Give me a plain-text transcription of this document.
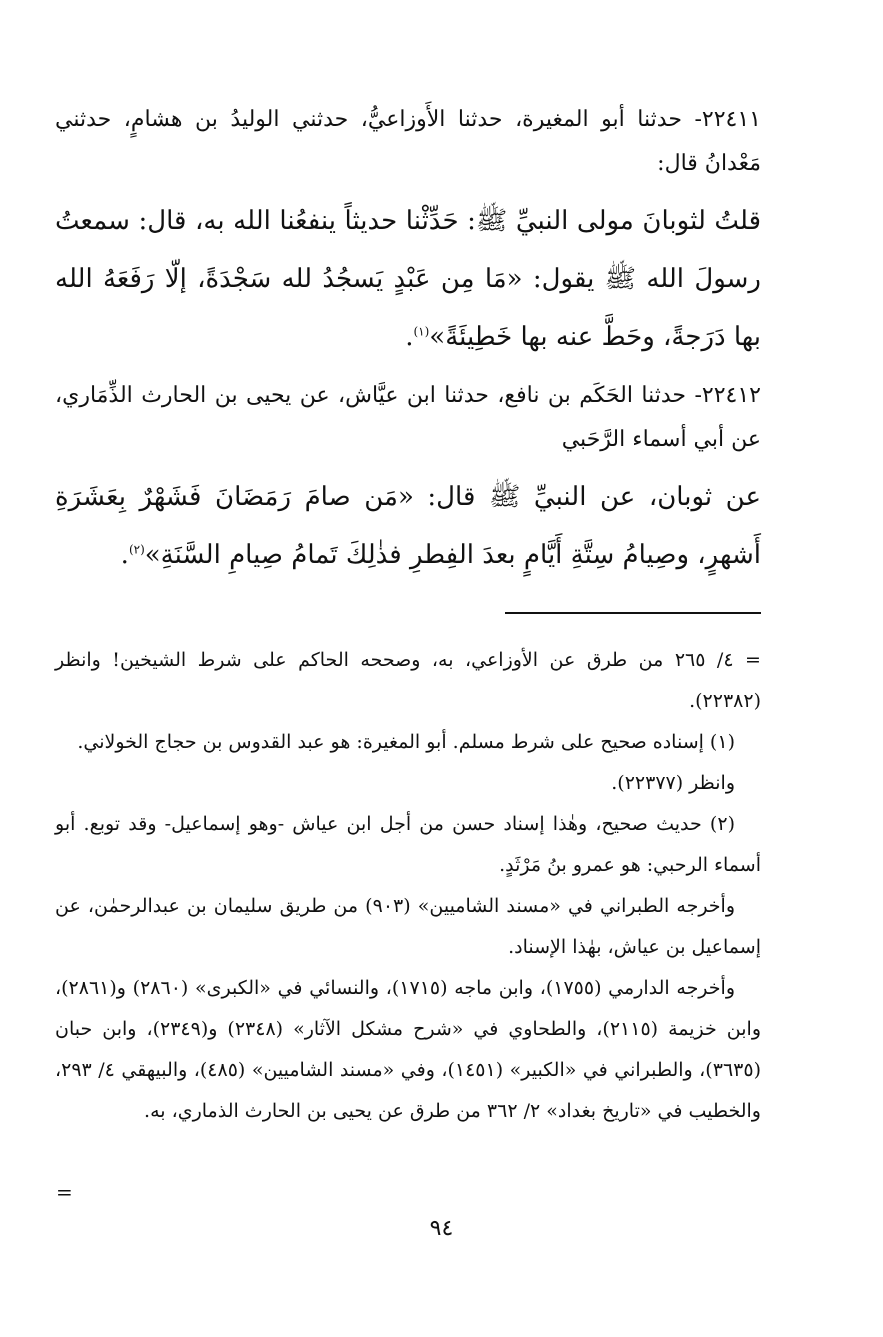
٢٢٤١١- حدثنا أبو المغيرة، حدثنا الأَوزاعيُّ، حدثني الوليدُ بن هشامٍ، حدثني مَعْدانُ قال:

قلتُ لثوبانَ مولى النبيِّ ﷺ: حَدِّثْنا حديثاً ينفعُنا الله به، قال: سمعتُ رسولَ الله ﷺ يقول: «مَا مِن عَبْدٍ يَسجُدُ لله سَجْدَةً، إلّا رَفَعَهُ الله بها دَرَجةً، وحَطَّ عنه بها خَطِيئَةً»$^{(١)}$.

٢٢٤١٢- حدثنا الحَكَم بن نافع، حدثنا ابن عيَّاش، عن يحيى بن الحارث الذِّمَاري، عن أبي أسماء الرَّحَبي

عن ثوبان، عن النبيِّ ﷺ قال: «مَن صامَ رَمَضَانَ فَشَهْرٌ بِعَشَرَةِ أَشهرٍ، وصِيامُ سِتَّةِ أَيَّامٍ بعدَ الفِطرِ فذٰلِكَ تَمامُ صِيامِ السَّنَةِ»$^{(٢)}$.

= ٤/ ٢٦٥ من طرق عن الأوزاعي، به، وصححه الحاكم على شرط الشيخين! وانظر (٢٢٣٨٢).

(١) إسناده صحيح على شرط مسلم. أبو المغيرة: هو عبد القدوس بن حجاج الخولاني.

وانظر (٢٢٣٧٧).

(٢) حديث صحيح، وهٰذا إسناد حسن من أجل ابن عياش -وهو إسماعيل- وقد توبع. أبو أسماء الرحبي: هو عمرو بنُ مَرْثَدٍ.

وأخرجه الطبراني في «مسند الشاميين» (٩٠٣) من طريق سليمان بن عبدالرحمٰن، عن إسماعيل بن عياش، بهٰذا الإسناد.

وأخرجه الدارمي (١٧٥٥)، وابن ماجه (١٧١٥)، والنسائي في «الكبرى» (٢٨٦٠) و(٢٨٦١)، وابن خزيمة (٢١١٥)، والطحاوي في «شرح مشكل الآثار» (٢٣٤٨) و(٢٣٤٩)، وابن حبان (٣٦٣٥)، والطبراني في «الكبير» (١٤٥١)، وفي «مسند الشاميين» (٤٨٥)، والبيهقي ٤/ ٢٩٣، والخطيب في «تاريخ بغداد» ٢/ ٣٦٢ من طرق عن يحيى بن الحارث الذماري، به.

=
٩٤
